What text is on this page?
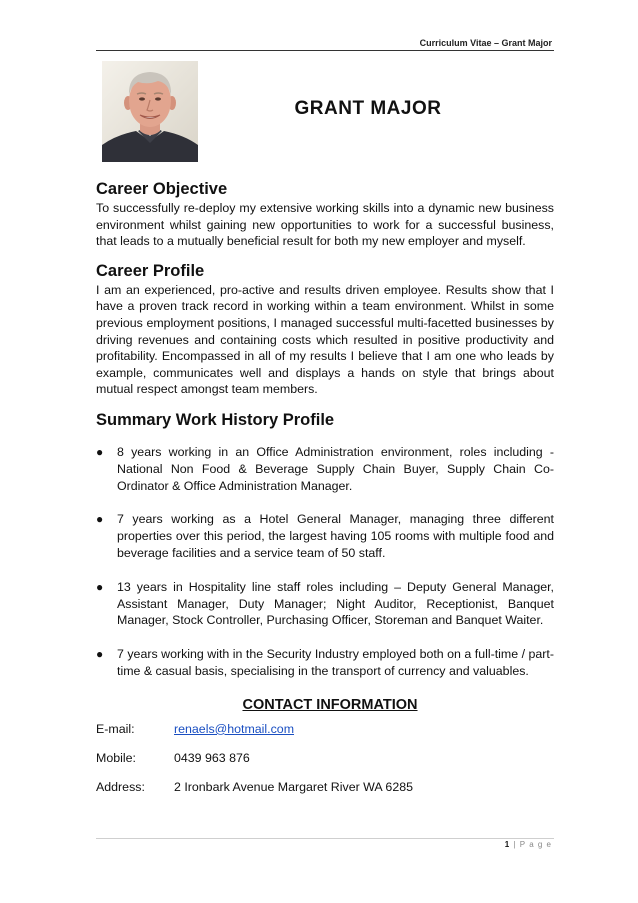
Curriculum Vitae – Grant Major
GRANT MAJOR
Career Objective

To successfully re-deploy my extensive working skills into a dynamic new business environment whilst gaining new opportunities to work for a successful business, that leads to a mutually beneficial result for both my new employer and myself.

Career Profile

I am an experienced, pro-active and results driven employee. Results show that I have a proven track record in working within a team environment. Whilst in some previous employment positions, I managed successful multi-facetted businesses by driving revenues and containing costs which resulted in positive productivity and profitability. Encompassed in all of my results I believe that I am one who leads by example, communicates well and displays a hands on style that brings about mutual respect amongst team members.

Summary Work History Profile
● 8 years working in an Office Administration environment, roles including - National Non Food & Beverage Supply Chain Buyer, Supply Chain Co-Ordinator & Office Administration Manager.
● 7 years working as a Hotel General Manager, managing three different properties over this period, the largest having 105 rooms with multiple food and beverage facilities and a service team of 50 staff.
● 13 years in Hospitality line staff roles including – Deputy General Manager, Assistant Manager, Duty Manager; Night Auditor, Receptionist, Banquet Manager, Stock Controller, Purchasing Officer, Storeman and Banquet Waiter.
● 7 years working with in the Security Industry employed both on a full-time / part-time & casual basis, specialising in the transport of currency and valuables.
CONTACT INFORMATION
E-mail:	renaels@hotmail.com
Mobile:	0439 963 876
Address:	2 Ironbark Avenue Margaret River WA 6285
1 | P a g e
